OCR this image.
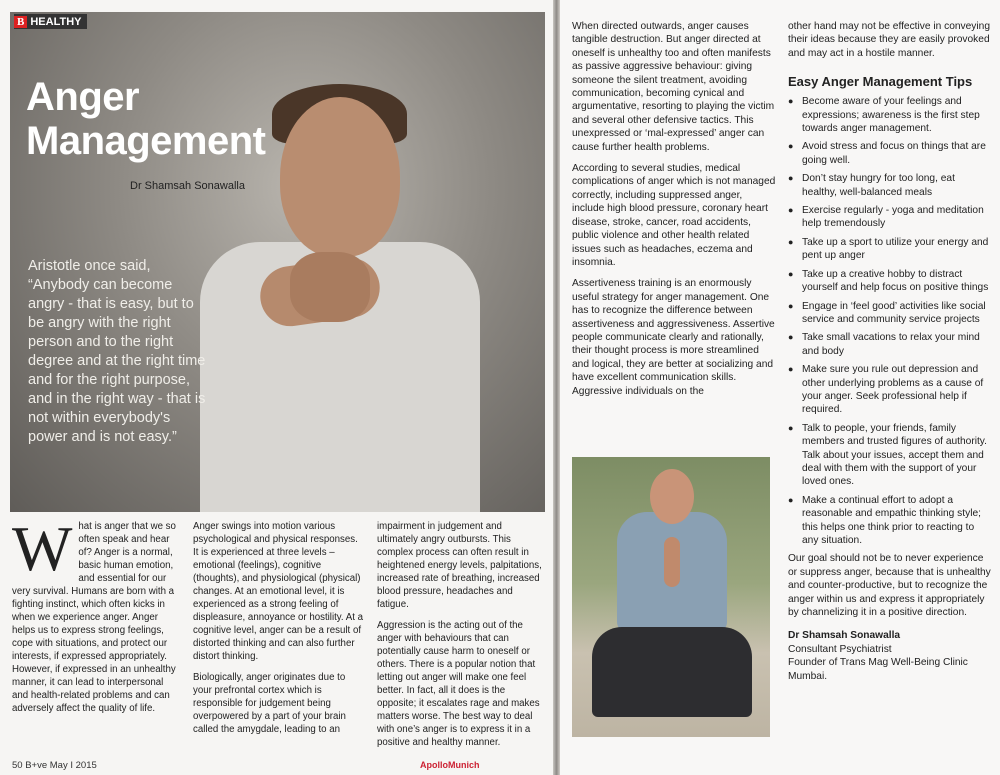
B HEALTHY
Anger
Management
Dr Shamsah Sonawalla
Aristotle once said, “Anybody can become angry - that is easy, but to be angry with the right person and to the right degree and at the right time and for the right purpose, and in the right way - that is not within everybody's power and is not easy.”

What is anger that we so often speak and hear of? Anger is a normal, basic human emotion, and essential for our very survival. Humans are born with a fighting instinct, which often kicks in when we experience anger. Anger helps us to express strong feelings, cope with situations, and protect our interests, if expressed appropriately. However, if expressed in an unhealthy manner, it can lead to interpersonal and health-related problems and can adversely affect the quality of life.

Anger swings into motion various psychological and physical responses. It is experienced at three levels – emotional (feelings), cognitive (thoughts), and physiological (physical) changes. At an emotional level, it is experienced as a strong feeling of displeasure, annoyance or hostility. At a cognitive level, anger can be a result of distorted thinking and can also further distort thinking.

Biologically, anger originates due to your prefrontal cortex which is responsible for judgement being overpowered by a part of your brain called the amygdale, leading to an

impairment in judgement and ultimately angry outbursts. This complex process can often result in heightened energy levels, palpitations, increased rate of breathing, increased blood pressure, headaches and fatigue.

Aggression is the acting out of the anger with behaviours that can potentially cause harm to oneself or others. There is a popular notion that letting out anger will make one feel better. In fact, all it does is the opposite; it escalates rage and makes matters worse. The best way to deal with one’s anger is to express it in a positive and healthy manner.

50 B+ve May I 2015

When directed outwards, anger causes tangible destruction. But anger directed at oneself is unhealthy too and often manifests as passive aggressive behaviour: giving someone the silent treatment, avoiding communication, becoming cynical and argumentative, resorting to playing the victim and several other defensive tactics. This unexpressed or ‘mal-expressed’ anger can cause further health problems.

According to several studies, medical complications of anger which is not managed correctly, including suppressed anger, include high blood pressure, coronary heart disease, stroke, cancer, road accidents, public violence and other health related issues such as headaches, eczema and insomnia.

Assertiveness training is an enormously useful strategy for anger management. One has to recognize the difference between assertiveness and aggressiveness. Assertive people communicate clearly and rationally, their thought process is more streamlined and logical, they are better at socializing and have excellent communication skills. Aggressive individuals on the

other hand may not be effective in conveying their ideas because they are easily provoked and may act in a hostile manner.

Easy Anger Management Tips
● Become aware of your feelings and expressions; awareness is the first step towards anger management.
● Avoid stress and focus on things that are going well.
● Don’t stay hungry for too long, eat healthy, well-balanced meals
● Exercise regularly - yoga and meditation help tremendously
● Take up a sport to utilize your energy and pent up anger
● Take up a creative hobby to distract yourself and help focus on positive things
● Engage in ‘feel good’ activities like social service and community service projects
● Take small vacations to relax your mind and body
● Make sure you rule out depression and other underlying problems as a cause of your anger. Seek professional help if required.
● Talk to people, your friends, family members and trusted figures of authority. Talk about your issues, accept them and deal with them with the support of your loved ones.
● Make a continual effort to adopt a reasonable and empathic thinking style; this helps one think prior to reacting to any situation.

Our goal should not be to never experience or suppress anger, because that is unhealthy and counter-productive, but to recognize the anger within us and express it appropriately by channelizing it in a positive direction.

Dr Shamsah Sonawalla
Consultant Psychiatrist
Founder of Trans Mag Well-Being Clinic
Mumbai.
ApolloMunich
